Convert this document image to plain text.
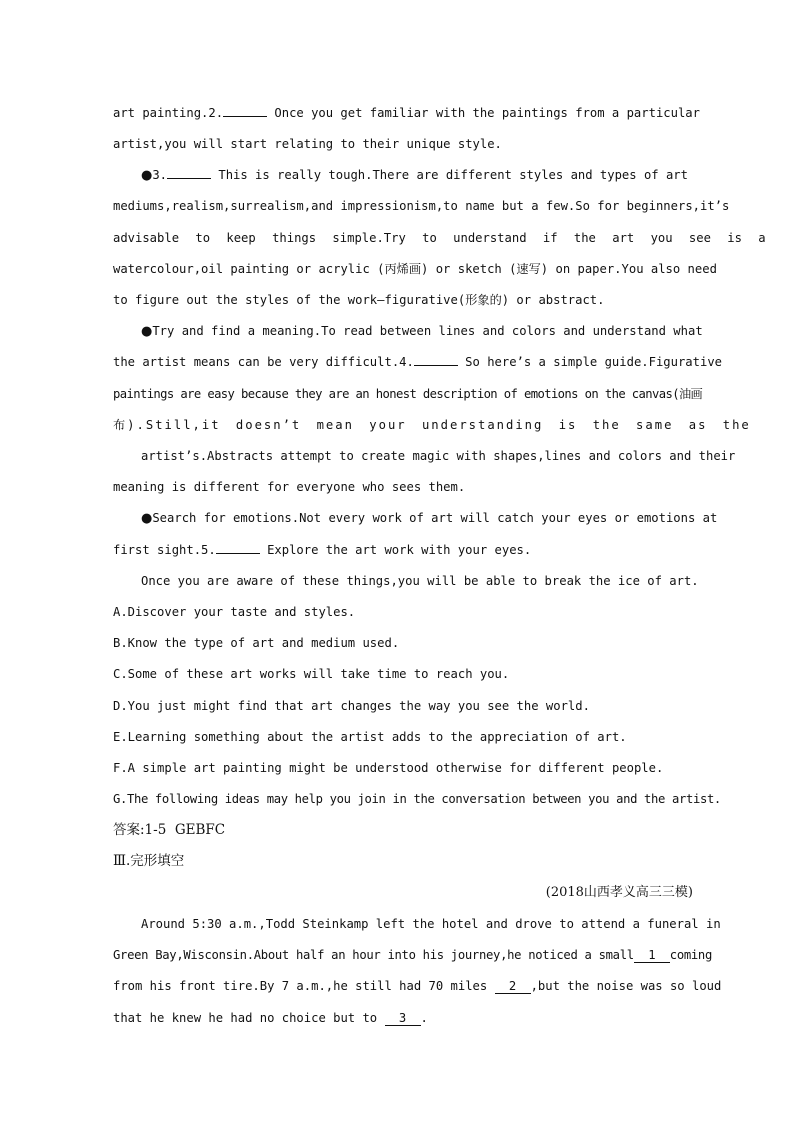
art painting.2.	Once you get familiar with the paintings from a particular
artist,you will start relating to their unique style.
●3.	This is really tough.There are different styles and types of art
mediums,realism,surrealism,and impressionism,to name but a few.So for beginners,it’s
advisable to keep things simple.Try to understand if the art you see is a
watercolour,oil painting or acrylic (丙烯画) or sketch (速写) on paper.You also need
to figure out the styles of the work—figurative(形象的) or abstract.
●Try and find a meaning.To read between lines and colors and understand what
the artist means can be very difficult.4.	So here’s a simple guide.Figurative
paintings are easy because they are an honest description of emotions on the canvas(油画
布).Still,it doesn’t mean your understanding is the same as the
artist’s.Abstracts attempt to create magic with shapes,lines and colors and their
meaning is different for everyone who sees them.
●Search for emotions.Not every work of art will catch your eyes or emotions at
first sight.5.	Explore the art work with your eyes.
Once you are aware of these things,you will be able to break the ice of art.
A.Discover your taste and styles.
B.Know the type of art and medium used.
C.Some of these art works will take time to reach you.
D.You just might find that art changes the way you see the world.
E.Learning something about the artist adds to the appreciation of art.
F.A simple art painting might be understood otherwise for different people.
G.The following ideas may help you join in the conversation between you and the artist.
答案:1-5  GEBFC
Ⅲ.完形填空
(2018山西孝义高三三模)
Around 5:30 a.m.,Todd Steinkamp left the hotel and drove to attend a funeral in
Green Bay,Wisconsin.About half an hour into his journey,he noticed a small 1 coming
from his front tire.By 7 a.m.,he still had 70 miles 2 ,but the noise was so loud
that he knew he had no choice but to 3 .
